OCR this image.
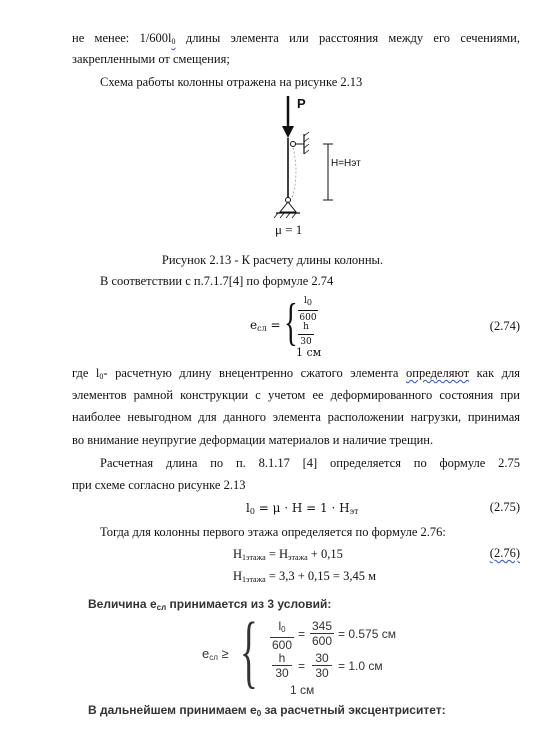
не менее: $1/600l_0$ длины элемента или расстояния между его сечениями,
закрепленными от смещения;
Схема работы колонны отражена на рисунке 2.13
P
H=Hэт
μ = 1
Рисунок 2.13 - К расчету длины колонны.
В соответствии с п.7.1.7[4] по формуле 2.74
$e_{сл}$ = { l0
600
h
30
1 см
(2.74)
где $l_0-$ расчетную длину внецентренно сжатого элемента определяют как для
элементов рамной конструкции с учетом ее деформированного состояния при
наиболее невыгодном для данного элемента расположении нагрузки, принимая
во внимание неупругие деформации материалов и наличие трещин.
Расчетная длина по п. 8.1.17 [4] определяется по формуле 2.75
при схеме согласно рисунке 2.13
$l_0 = \mu \cdot H = 1 \cdot H_{эт}$	(2.75)
Тогда для колонны первого этажа определяется по формуле 2.76:
$H_{1этажа} = H_{этажа} + 0,15$	(2.76)
$H_{1этажа} = 3,3 + 0,15 = 3,45$ м
Величина $e_{сл}$ принимается из 3 условий:
$e_{сл}$ ≥ {	$l_0$
600
=
345
600 = 0.575 см
h
30 =
30
30 = 1.0 см
1 см
В дальнейшем принимаем $e_0$ за расчетный эксцентриситет:
